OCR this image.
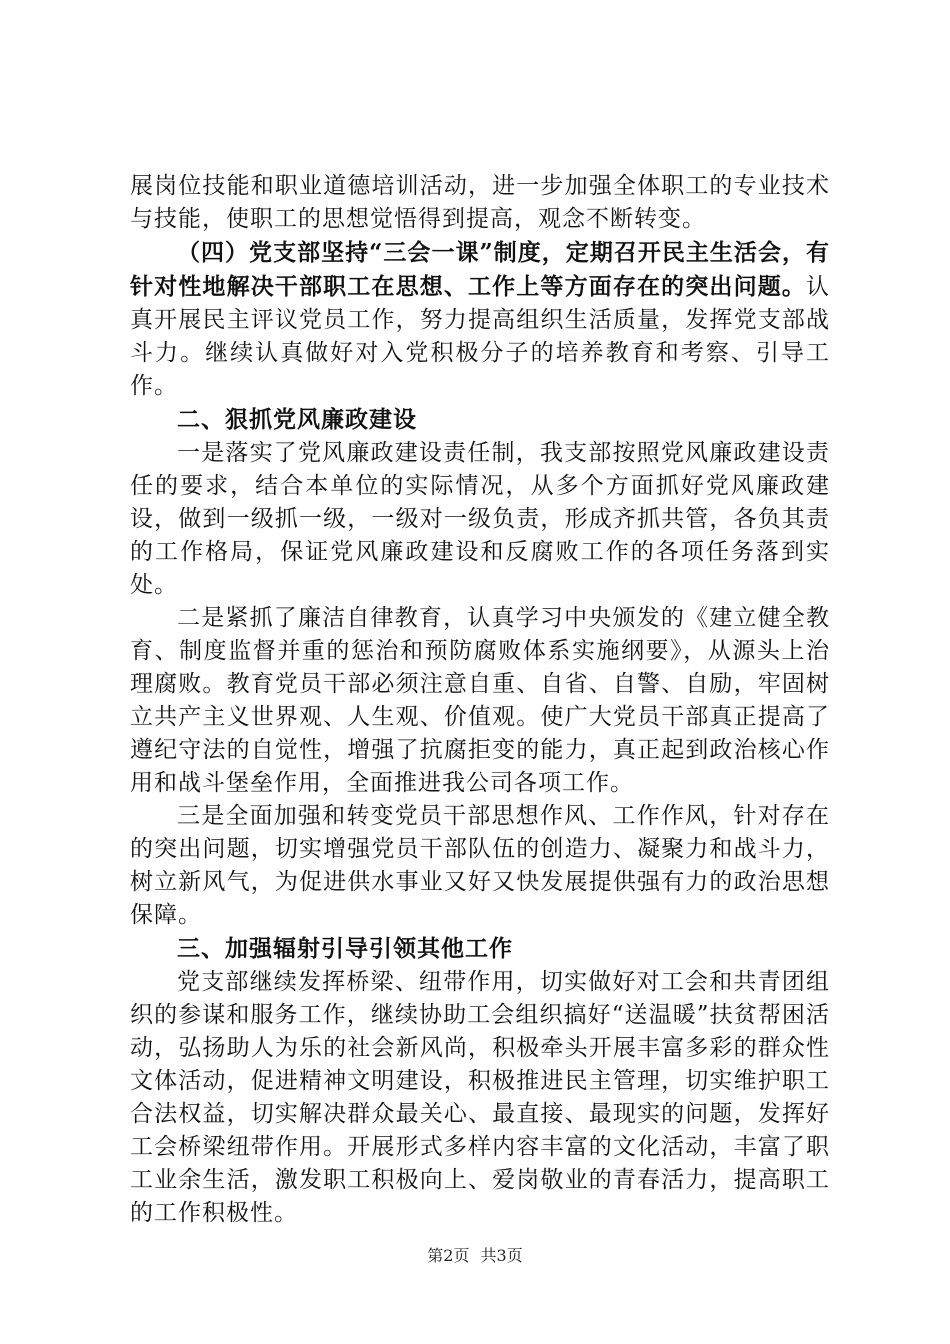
展岗位技能和职业道德培训活动，进一步加强全体职工的专业技术与技能，使职工的思想觉悟得到提高，观念不断转变。

（四）党支部坚持“三会一课”制度，定期召开民主生活会，有针对性地解决干部职工在思想、工作上等方面存在的突出问题。认真开展民主评议党员工作，努力提高组织生活质量，发挥党支部战斗力。继续认真做好对入党积极分子的培养教育和考察、引导工作。

二、狠抓党风廉政建设

一是落实了党风廉政建设责任制，我支部按照党风廉政建设责任的要求，结合本单位的实际情况，从多个方面抓好党风廉政建设，做到一级抓一级，一级对一级负责，形成齐抓共管，各负其责的工作格局，保证党风廉政建设和反腐败工作的各项任务落到实处。

二是紧抓了廉洁自律教育，认真学习中央颁发的《建立健全教育、制度监督并重的惩治和预防腐败体系实施纲要》，从源头上治理腐败。教育党员干部必须注意自重、自省、自警、自励，牢固树立共产主义世界观、人生观、价值观。使广大党员干部真正提高了遵纪守法的自觉性，增强了抗腐拒变的能力，真正起到政治核心作用和战斗堡垒作用，全面推进我公司各项工作。

三是全面加强和转变党员干部思想作风、工作作风，针对存在的突出问题，切实增强党员干部队伍的创造力、凝聚力和战斗力，树立新风气，为促进供水事业又好又快发展提供强有力的政治思想保障。

三、加强辐射引导引领其他工作

党支部继续发挥桥梁、纽带作用，切实做好对工会和共青团组织的参谋和服务工作，继续协助工会组织搞好“送温暖”扶贫帮困活动，弘扬助人为乐的社会新风尚，积极牵头开展丰富多彩的群众性文体活动，促进精神文明建设，积极推进民主管理，切实维护职工合法权益，切实解决群众最关心、最直接、最现实的问题，发挥好工会桥梁纽带作用。开展形式多样内容丰富的文化活动，丰富了职工业余生活，激发职工积极向上、爱岗敬业的青春活力，提高职工的工作积极性。

第2页 共3页
